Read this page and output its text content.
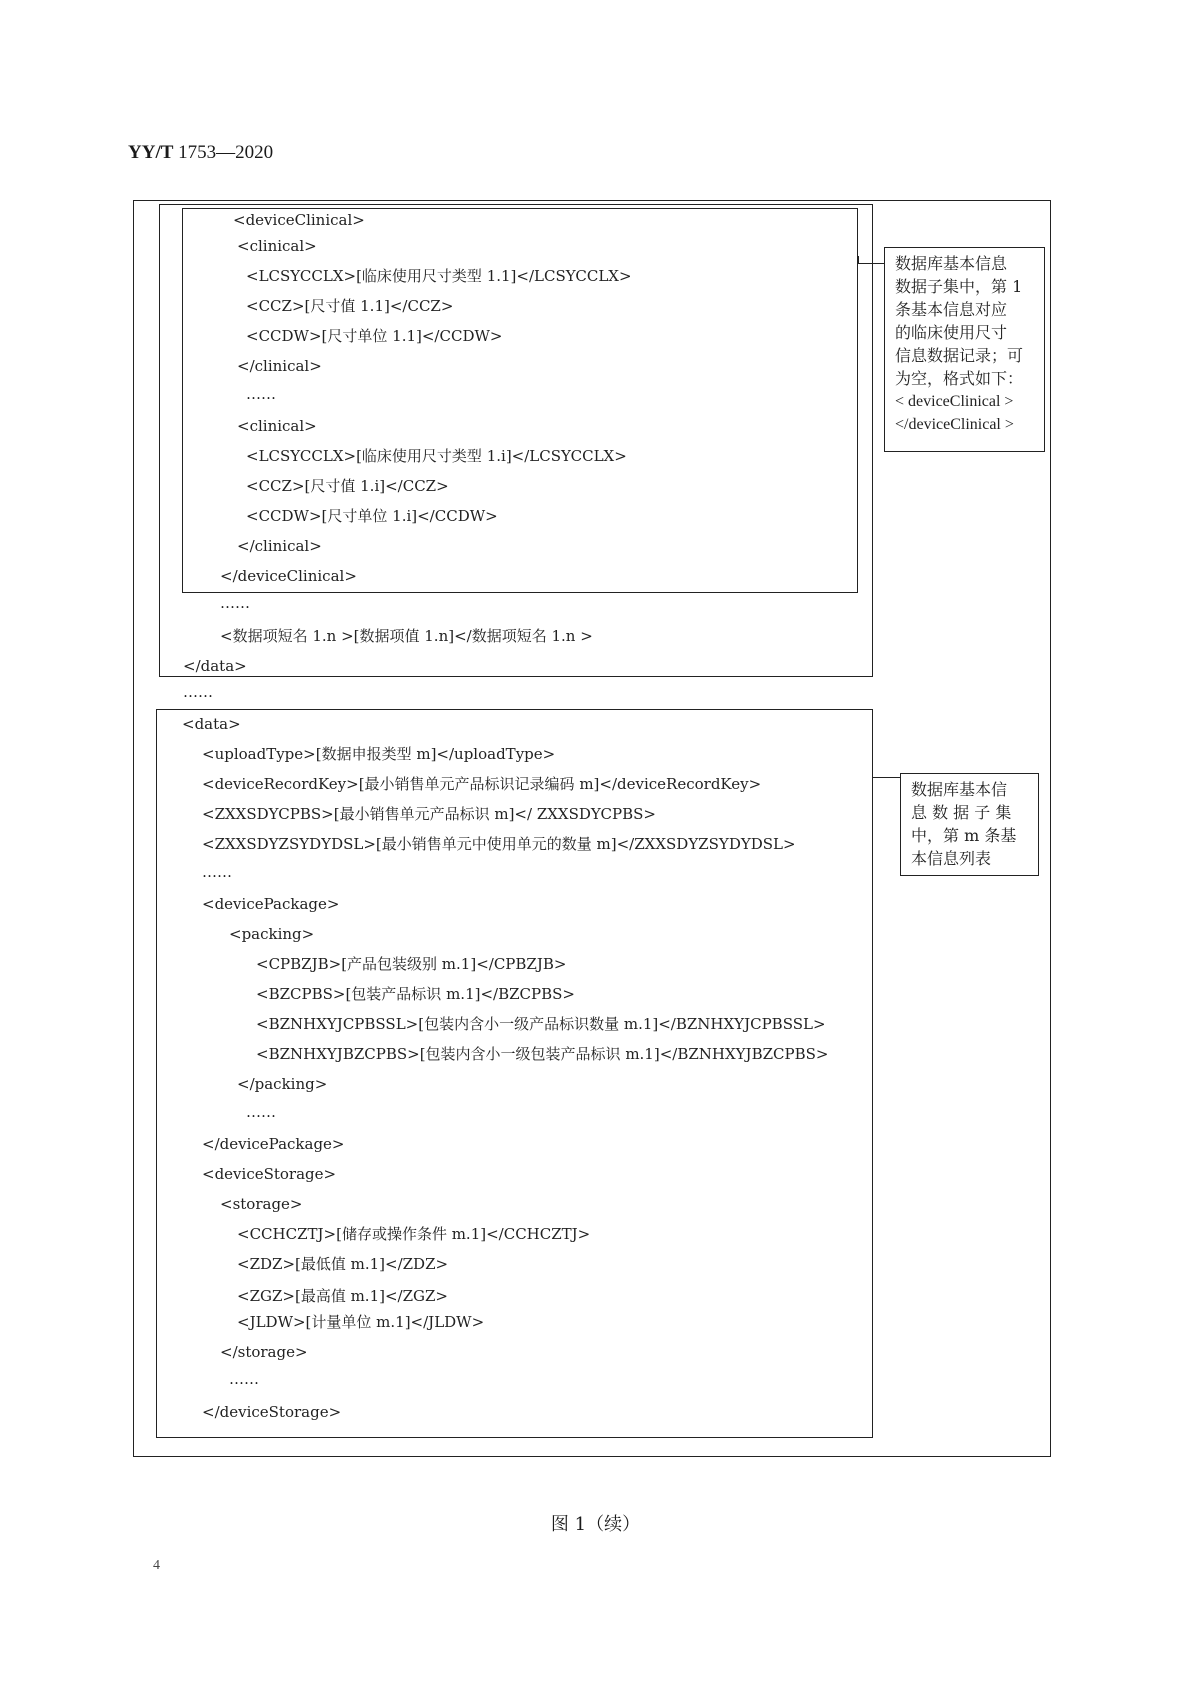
YY/T 1753—2020
<deviceClinical>
<clinical>
<LCSYCCLX>[临床使用尺寸类型 1.1]</LCSYCCLX>
<CCZ>[尺寸值 1.1]</CCZ>
<CCDW>[尺寸单位 1.1]</CCDW>
</clinical>
……
<clinical>
<LCSYCCLX>[临床使用尺寸类型 1.i]</LCSYCCLX>
<CCZ>[尺寸值 1.i]</CCZ>
<CCDW>[尺寸单位 1.i]</CCDW>
</clinical>
</deviceClinical>
……
<数据项短名 1.n >[数据项值 1.n]</数据项短名 1.n >
</data>
……
<data>
<uploadType>[数据申报类型 m]</uploadType>
<deviceRecordKey>[最小销售单元产品标识记录编码 m]</deviceRecordKey>
<ZXXSDYCPBS>[最小销售单元产品标识 m]</ ZXXSDYCPBS>
<ZXXSDYZSYDYDSL>[最小销售单元中使用单元的数量 m]</ZXXSDYZSYDYDSL>
……
<devicePackage>
<packing>
<CPBZJB>[产品包装级别 m.1]</CPBZJB>
<BZCPBS>[包装产品标识 m.1]</BZCPBS>
<BZNHXYJCPBSSL>[包装内含小一级产品标识数量 m.1]</BZNHXYJCPBSSL>
<BZNHXYJBZCPBS>[包装内含小一级包装产品标识 m.1]</BZNHXYJBZCPBS>
</packing>
……
</devicePackage>
<deviceStorage>
<storage>
<CCHCZTJ>[储存或操作条件 m.1]</CCHCZTJ>
<ZDZ>[最低值 m.1]</ZDZ>
<ZGZ>[最高值 m.1]</ZGZ>
<JLDW>[计量单位 m.1]</JLDW>
</storage>
……
</deviceStorage>
数据库基本信息
数据子集中，第 1
条基本信息对应
的临床使用尺寸
信息数据记录；可
为空，格式如下：
< deviceClinical >
</deviceClinical >
数据库基本信
息 数 据 子 集
中，第 m 条基
本信息列表
图 1（续）
4
